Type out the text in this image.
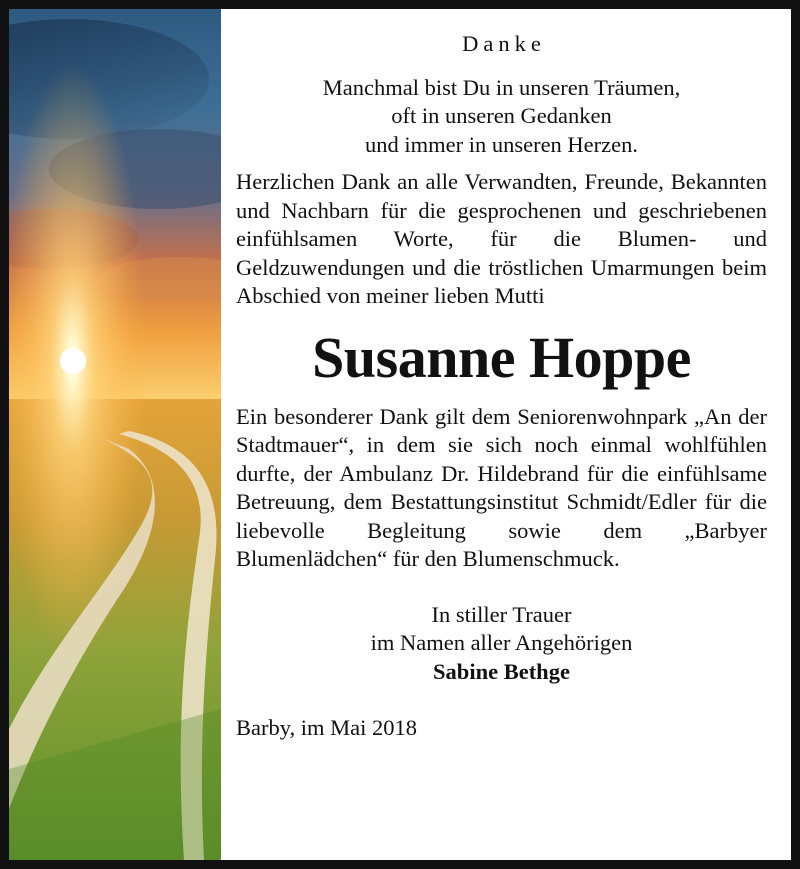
Danke
Manchmal bist Du in unseren Träumen,
oft in unseren Gedanken
und immer in unseren Herzen.
Herzlichen Dank an alle Verwandten, Freunde, Bekannten und Nachbarn für die gesprochenen und geschriebenen einfühlsamen Worte, für die Blumen- und Geldzuwendungen und die tröstlichen Umarmungen beim Abschied von meiner lieben Mutti
Susanne Hoppe
Ein besonderer Dank gilt dem Seniorenwohnpark „An der Stadtmauer“, in dem sie sich noch einmal wohlfühlen durfte, der Ambulanz Dr. Hildebrand für die einfühlsame Betreuung, dem Bestattungsinstitut Schmidt/Edler für die liebevolle Begleitung sowie dem „Barbyer Blumenlädchen“ für den Blumenschmuck.
In stiller Trauer
im Namen aller Angehörigen
Sabine Bethge
Barby, im Mai 2018
